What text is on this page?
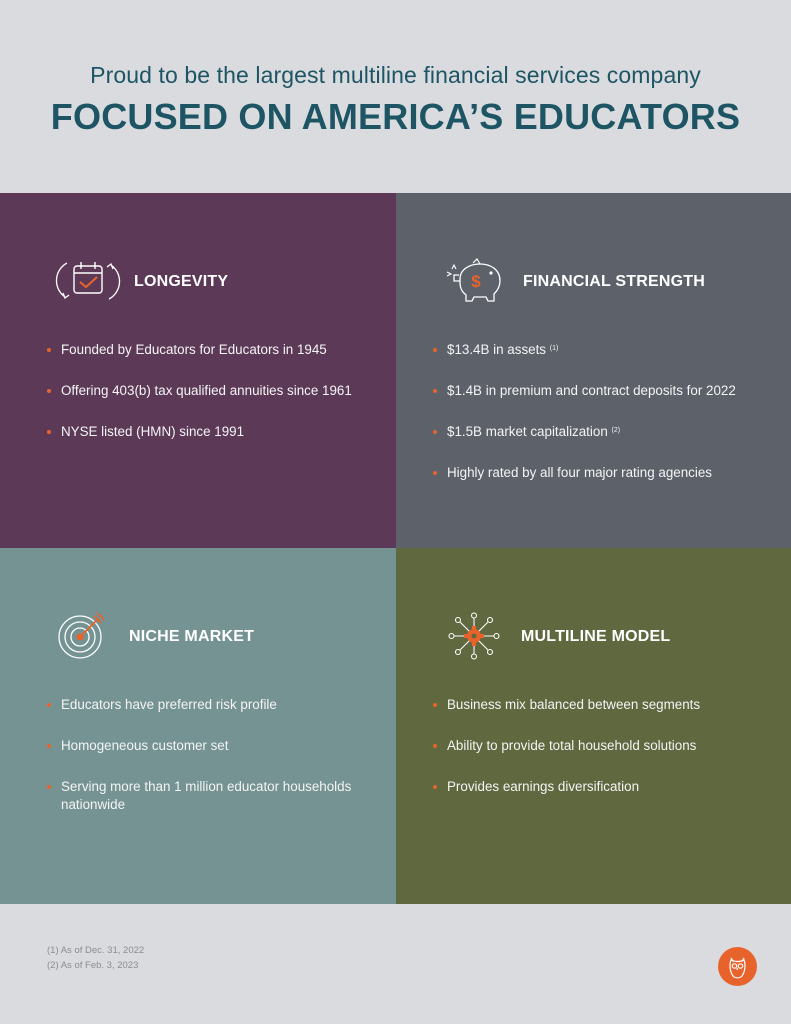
Proud to be the largest multiline financial services company
FOCUSED ON AMERICA’S EDUCATORS
LONGEVITY
Founded by Educators for Educators in 1945
Offering 403(b) tax qualified annuities since 1961
NYSE listed (HMN) since 1991
$	FINANCIAL STRENGTH
$13.4B in assets $^{(1)}$
$1.4B in premium and contract deposits for 2022
$1.5B market capitalization $^{(2)}$
Highly rated by all four major rating agencies
NICHE MARKET
Educators have preferred risk profile
Homogeneous customer set
Serving more than 1 million educator households nationwide
MULTILINE MODEL
Business mix balanced between segments
Ability to provide total household solutions
Provides earnings diversification
(1) As of Dec. 31, 2022
(2) As of Feb. 3, 2023
